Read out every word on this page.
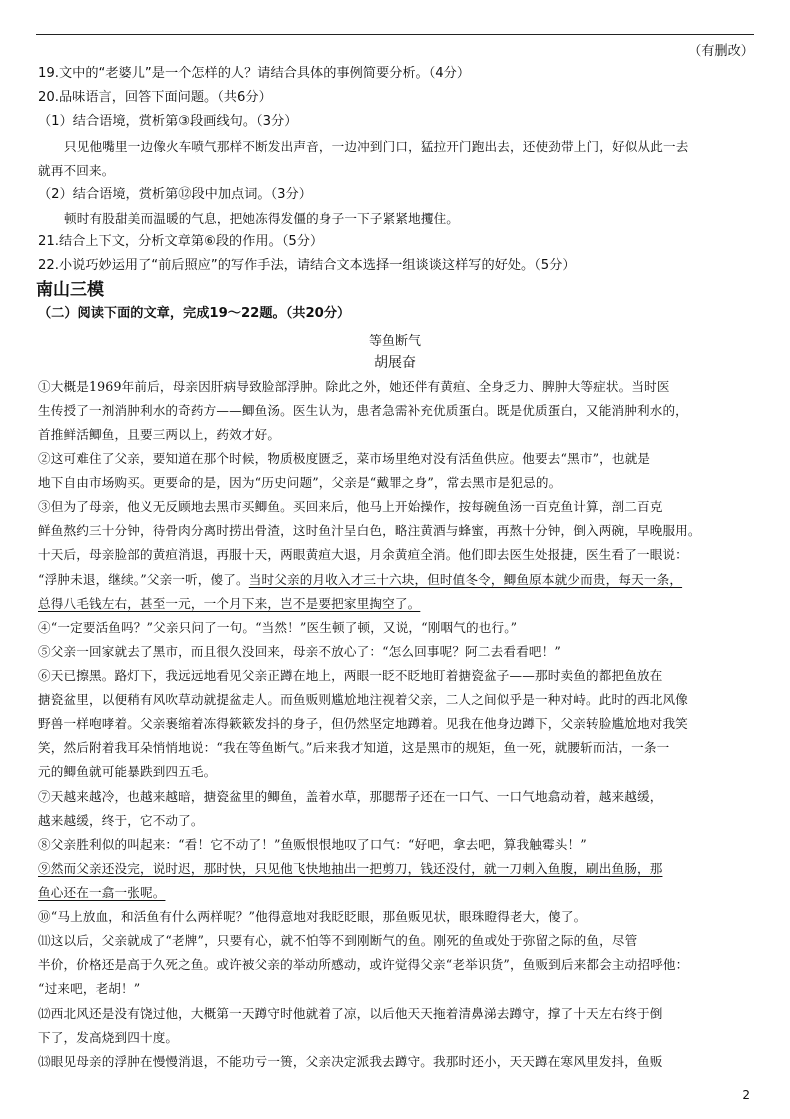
（有删改）
19.文中的“老婆儿”是一个怎样的人？请结合具体的事例简要分析。（4分）
20.品味语言，回答下面问题。（共6分）
（1）结合语境，赏析第③段画线句。（3分）
只见他嘴里一边像火车喷气那样不断发出声音，一边冲到门口，猛拉开门跑出去，还使劲带上门，好似从此一去
就再不回来。
（2）结合语境，赏析第⑫段中加点词。（3分）
顿时有股甜美而温暖的气息，把她冻得发僵的身子一下子紧紧地攫住。
21.结合上下文，分析文章第⑥段的作用。（5分）
22.小说巧妙运用了“前后照应”的写作手法，请结合文本选择一组谈谈这样写的好处。（5分）
南山三模
（二）阅读下面的文章，完成19～22题。（共20分）
等鱼断气
胡展奋
①大概是1969年前后，母亲因肝病导致脸部浮肿。除此之外，她还伴有黄疸、全身乏力、脾肿大等症状。当时医
生传授了一剂消肿利水的奇药方——鲫鱼汤。医生认为，患者急需补充优质蛋白。既是优质蛋白，又能消肿利水的，
首推鲜活鲫鱼，且要三两以上，药效才好。
②这可难住了父亲，要知道在那个时候，物质极度匮乏，菜市场里绝对没有活鱼供应。他要去“黑市”，也就是
地下自由市场购买。更要命的是，因为“历史问题”，父亲是“戴罪之身”，常去黑市是犯忌的。
③但为了母亲，他义无反顾地去黑市买鲫鱼。买回来后，他马上开始操作，按每碗鱼汤一百克鱼计算，剖二百克
鲜鱼熬约三十分钟，待骨肉分离时捞出骨渣，这时鱼汁呈白色，略注黄酒与蜂蜜，再熬十分钟，倒入两碗，早晚服用。
十天后，母亲脸部的黄疸消退，再服十天，两眼黄疸大退，月余黄疸全消。他们即去医生处报捷，医生看了一眼说：
“浮肿未退，继续。”父亲一听，傻了。当时父亲的月收入才三十六块，但时值冬令，鲫鱼原本就少而贵，每天一条，
总得八毛钱左右，甚至一元，一个月下来，岂不是要把家里掏空了。
④“一定要活鱼吗？”父亲只问了一句。“当然！”医生顿了顿，又说，“刚咽气的也行。”
⑤父亲一回家就去了黑市，而且很久没回来，母亲不放心了：“怎么回事呢？阿二去看看吧！”
⑥天已擦黑。路灯下，我远远地看见父亲正蹲在地上，两眼一眨不眨地盯着搪瓷盆子——那时卖鱼的都把鱼放在
搪瓷盆里，以便稍有风吹草动就提盆走人。而鱼贩则尴尬地注视着父亲，二人之间似乎是一种对峙。此时的西北风像
野兽一样咆哮着。父亲裹缩着冻得簌簌发抖的身子，但仍然坚定地蹲着。见我在他身边蹲下，父亲转脸尴尬地对我笑
笑，然后附着我耳朵悄悄地说：“我在等鱼断气。”后来我才知道，这是黑市的规矩，鱼一死，就腰斩而沽，一条一
元的鲫鱼就可能暴跌到四五毛。
⑦天越来越冷，也越来越暗，搪瓷盆里的鲫鱼，盖着水草，那腮帮子还在一口气、一口气地翕动着，越来越缓，
越来越缓，终于，它不动了。
⑧父亲胜利似的叫起来：“看！它不动了！”鱼贩恨恨地叹了口气：“好吧，拿去吧，算我触霉头！”
⑨然而父亲还没完，说时迟，那时快，只见他飞快地抽出一把剪刀，钱还没付，就一刀刺入鱼腹，刷出鱼肠，那
鱼心还在一翕一张呢。
⑩“马上放血，和活鱼有什么两样呢？”他得意地对我眨眨眼，那鱼贩见状，眼珠瞪得老大，傻了。
⑾这以后，父亲就成了“老牌”，只要有心，就不怕等不到刚断气的鱼。刚死的鱼或处于弥留之际的鱼，尽管
半价，价格还是高于久死之鱼。或许被父亲的举动所感动，或许觉得父亲“老举识货”，鱼贩到后来都会主动招呼他：
“过来吧，老胡！”
⑿西北风还是没有饶过他，大概第一天蹲守时他就着了凉，以后他天天拖着清鼻涕去蹲守，撑了十天左右终于倒
下了，发高烧到四十度。
⒀眼见母亲的浮肿在慢慢消退，不能功亏一篑，父亲决定派我去蹲守。我那时还小，天天蹲在寒风里发抖，鱼贩
2
